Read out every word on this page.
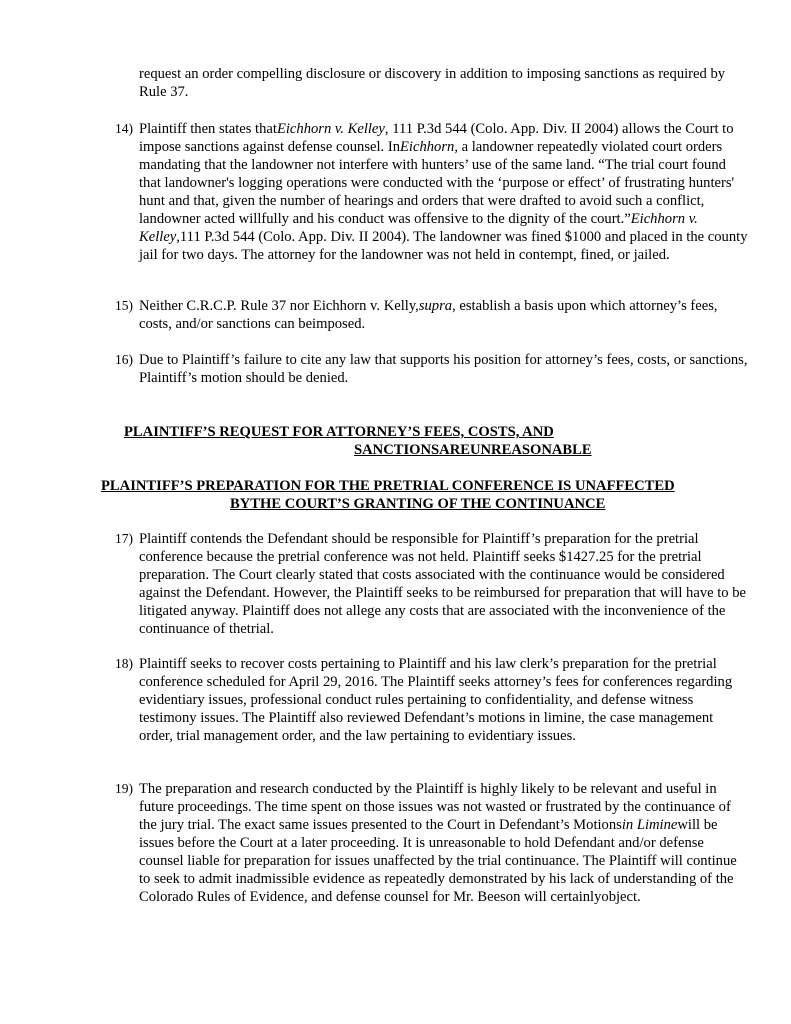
request an order compelling disclosure or discovery in addition to imposing sanctions as required by Rule 37.

14) Plaintiff then states thatEichhorn v. Kelley, 111 P.3d 544 (Colo. App. Div. II 2004) allows the Court to impose sanctions against defense counsel. InEichhorn, a landowner repeatedly violated court orders mandating that the landowner not interfere with hunters’ use of the same land. “The trial court found that landowner's logging operations were conducted with the ‘purpose or effect’ of frustrating hunters' hunt and that, given the number of hearings and orders that were drafted to avoid such a conflict, landowner acted willfully and his conduct was offensive to the dignity of the court.”Eichhorn v. Kelley,111 P.3d 544 (Colo. App. Div. II 2004). The landowner was fined $1000 and placed in the county jail for two days. The attorney for the landowner was not held in contempt, fined, or jailed.
15) Neither C.R.C.P. Rule 37 nor Eichhorn v. Kelly,supra, establish a basis upon which attorney’s fees, costs, and/or sanctions can beimposed.
16) Due to Plaintiff’s failure to cite any law that supports his position for attorney’s fees, costs, or sanctions, Plaintiff’s motion should be denied.

PLAINTIFF’S REQUEST FOR ATTORNEY’S FEES, COSTS, AND

SANCTIONSAREUNREASONABLE

PLAINTIFF’S PREPARATION FOR THE PRETRIAL CONFERENCE IS UNAFFECTED

BYTHE COURT’S GRANTING OF THE CONTINUANCE

17) Plaintiff contends the Defendant should be responsible for Plaintiff’s preparation for the pretrial conference because the pretrial conference was not held. Plaintiff seeks $1427.25 for the pretrial preparation. The Court clearly stated that costs associated with the continuance would be considered against the Defendant. However, the Plaintiff seeks to be reimbursed for preparation that will have to be litigated anyway. Plaintiff does not allege any costs that are associated with the inconvenience of the continuance of thetrial.
18) Plaintiff seeks to recover costs pertaining to Plaintiff and his law clerk’s preparation for the pretrial conference scheduled for April 29, 2016. The Plaintiff seeks attorney’s fees for conferences regarding evidentiary issues, professional conduct rules pertaining to confidentiality, and defense witness testimony issues. The Plaintiff also reviewed Defendant’s motions in limine, the case management order, trial management order, and the law pertaining to evidentiary issues.
19) The preparation and research conducted by the Plaintiff is highly likely to be relevant and useful in future proceedings. The time spent on those issues was not wasted or frustrated by the continuance of the jury trial. The exact same issues presented to the Court in Defendant’s Motionsin Liminewill be issues before the Court at a later proceeding. It is unreasonable to hold Defendant and/or defense counsel liable for preparation for issues unaffected by the trial continuance. The Plaintiff will continue to seek to admit inadmissible evidence as repeatedly demonstrated by his lack of understanding of the Colorado Rules of Evidence, and defense counsel for Mr. Beeson will certainlyobject.
